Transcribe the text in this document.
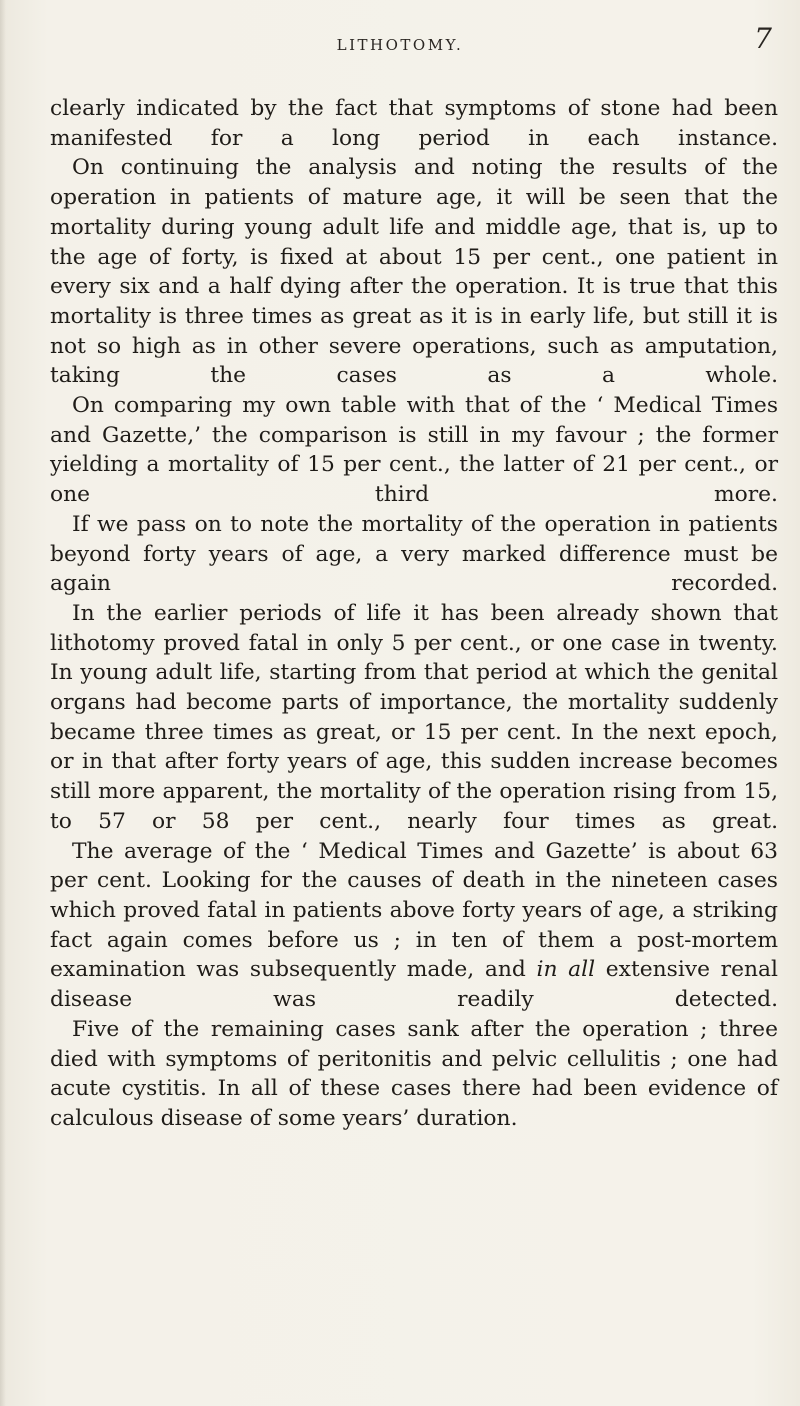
LITHOTOMY.	7

clearly indicated by the fact that symptoms of stone had been manifested for a long period in each instance.

On continuing the analysis and noting the results of the operation in patients of mature age, it will be seen that the mortality during young adult life and middle age, that is, up to the age of forty, is fixed at about 15 per cent., one patient in every six and a half dying after the operation. It is true that this mortality is three times as great as it is in early life, but still it is not so high as in other severe operations, such as amputation, taking the cases as a whole.

On comparing my own table with that of the ‘ Medical Times and Gazette,’ the comparison is still in my favour ; the former yielding a mortality of 15 per cent., the latter of 21 per cent., or one third more.

If we pass on to note the mortality of the operation in patients beyond forty years of age, a very marked difference must be again recorded.

In the earlier periods of life it has been already shown that lithotomy proved fatal in only 5 per cent., or one case in twenty. In young adult life, starting from that period at which the genital organs had become parts of importance, the mortality suddenly became three times as great, or 15 per cent. In the next epoch, or in that after forty years of age, this sudden increase becomes still more apparent, the mortality of the operation rising from 15, to 57 or 58 per cent., nearly four times as great.

The average of the ‘ Medical Times and Gazette’ is about 63 per cent. Looking for the causes of death in the nineteen cases which proved fatal in patients above forty years of age, a striking fact again comes before us ; in ten of them a post-mortem examination was subsequently made, and in all extensive renal disease was readily detected.

Five of the remaining cases sank after the operation ; three died with symptoms of peritonitis and pelvic cellulitis ; one had acute cystitis. In all of these cases there had been evidence of calculous disease of some years’ duration.
